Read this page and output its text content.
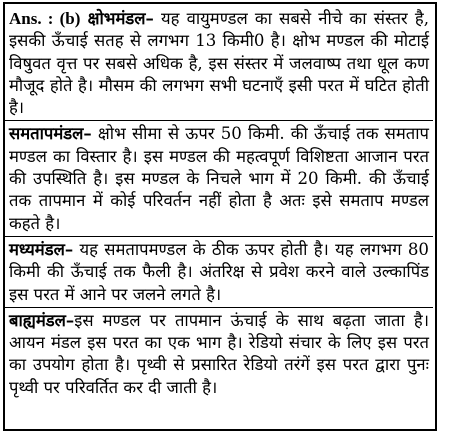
Ans. : (b) क्षोभमंडल– यह वायुमण्डल का सबसे नीचे का संस्तर है, इसकी ऊँचाई सतह से लगभग 13 किमी0 है। क्षोभ मण्डल की मोटाई विषुवत वृत्त पर सबसे अधिक है, इस संस्तर में जलवाष्प तथा धूल कण मौजूद होते है। मौसम की लगभग सभी घटनाएँ इसी परत में घटित होती है।

समतापमंडल– क्षोभ सीमा से ऊपर 50 किमी. की ऊँचाई तक समताप मण्डल का विस्तार है। इस मण्डल की महत्वपूर्ण विशिष्टता आजान परत की उपस्थिति है। इस मण्डल के निचले भाग में 20 किमी. की ऊँचाई तक तापमान में कोई परिवर्तन नहीं होता है अतः इसे समताप मण्डल कहते है।

मध्यमंडल– यह समतापमण्डल के ठीक ऊपर होती है। यह लगभग 80 किमी की ऊँचाई तक फैली है। अंतरिक्ष से प्रवेश करने वाले उल्कापिंड इस परत में आने पर जलने लगते है।

बाह्यमंडल–इस मण्डल पर तापमान ऊंचाई के साथ बढ़ता जाता है। आयन मंडल इस परत का एक भाग है। रेडियो संचार के लिए इस परत का उपयोग होता है। पृथ्वी से प्रसारित रेडियो तरंगें इस परत द्वारा पुनः पृथ्वी पर परिवर्तित कर दी जाती है।
